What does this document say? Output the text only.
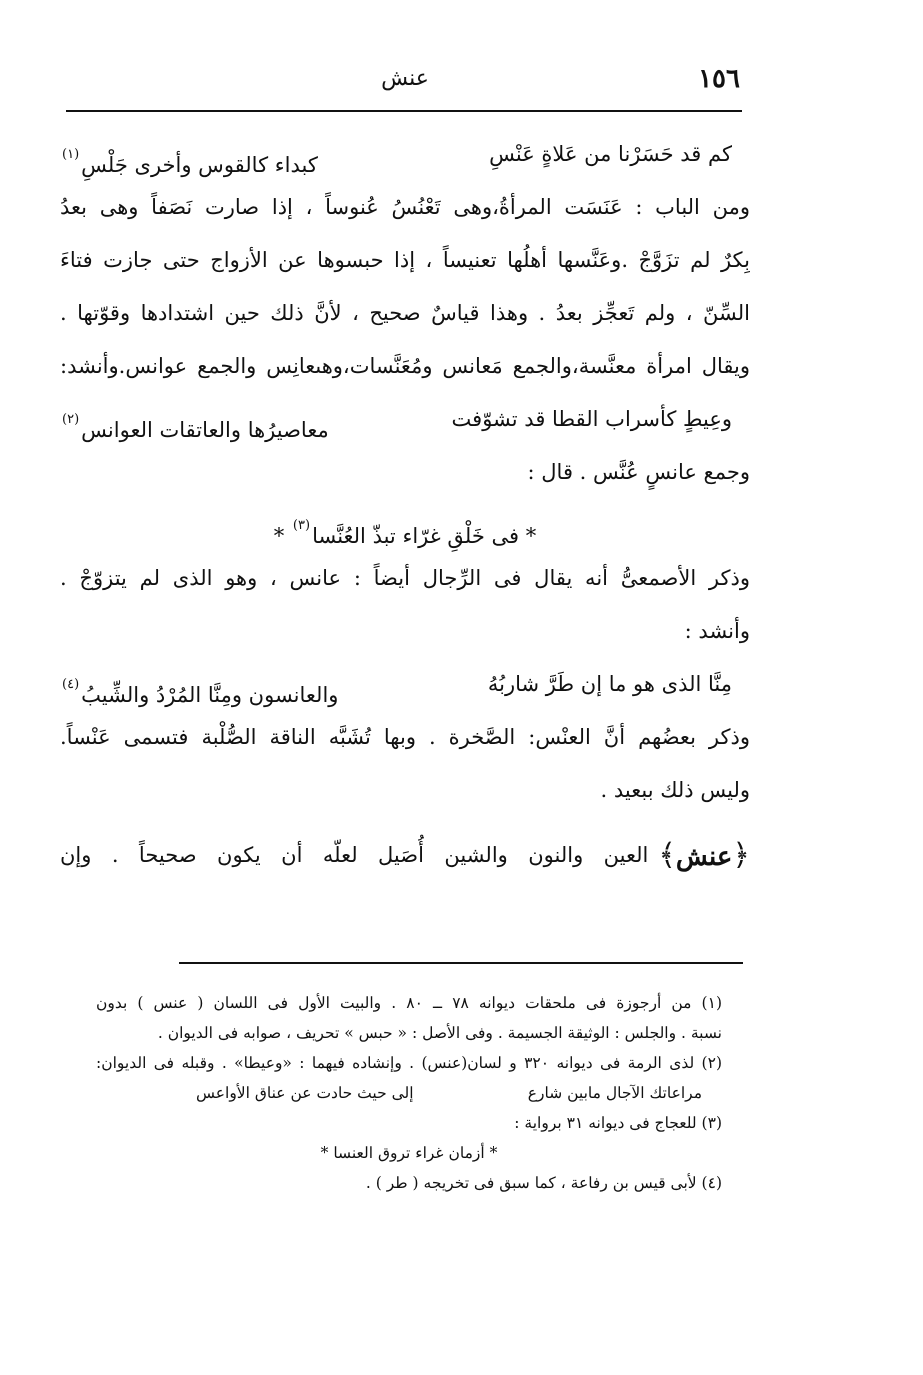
١٥٦
عنش
كم قد حَسَرْنا من عَلاةٍ عَنْسِ
كبداء كالقوس وأخرى جَلْسِ$^{(١)}$
ومن الباب : عَنَسَت المرأةُ،وهى تَعْنُسُ عُنوساً ، إذا صارت نَصَفاً وهى بعدُ
بِكرٌ لم تزَوَّجْ .وعَنَّسها أهلُها تعنيساً ، إذا حبسوها عن الأزواج حتى جازت فتاءَ
السِّنّ ، ولم تَعجِّز بعدُ . وهذا قياسٌ صحيح ، لأنَّ ذلك حين اشتدادها وقوّتها .
ويقال امرأة معنَّسة،والجمع مَعانس ومُعَنَّسات،وهىعانِس والجمع عوانس.وأنشد:
وعِيطٍ كأسراب القطا قد تشوّفت
معاصيرُها والعاتقات العوانس$^{(٢)}$
وجمع عانسٍ عُنَّس . قال :
* فى خَلْقِ غرّاء تبذّ العُنَّسا$^{(٣)}$ *
وذكر الأصمعىُّ أنه يقال فى الرِّجال أيضاً : عانس ، وهو الذى لم يتزوّجْ .
وأنشد :
مِنَّا الذى هو ما إن طَرَّ شاربُهُ
والعانسون ومِنَّا المُرْدُ والشِّيبُ$^{(٤)}$
وذكر بعضُهم أنَّ العنْس: الصَّخرة . وبها تُشَبَّه الناقة الصُّلْبة فتسمى عَنْساً.
وليس ذلك ببعيد .
﴿عنش﴾
العين والنون والشين أُصَيل لعلّه أن يكون صحيحاً . وإن
(١) من أرجوزة فى ملحقات ديوانه ٧٨ ــ ٨٠ . والبيت الأول فى اللسان ( عنس ) بدون
نسبة . والجلس : الوثيقة الجسيمة . وفى الأصل : « حبس » تحريف ، صوابه فى الديوان .
(٢) لذى الرمة فى ديوانه ٣٢٠ و لسان(عنس) . وإنشاده فيهما : «وعيطا» . وقبله فى الديوان:
مراعاتك الآجال مابين شارع
إلى حيث حادت عن عناق الأواعس
(٣) للعجاج فى ديوانه ٣١ برواية :
* أزمان غراء تروق العنسا *
(٤) لأبى قيس بن رفاعة ، كما سبق فى تخريجه ( طر ) .
